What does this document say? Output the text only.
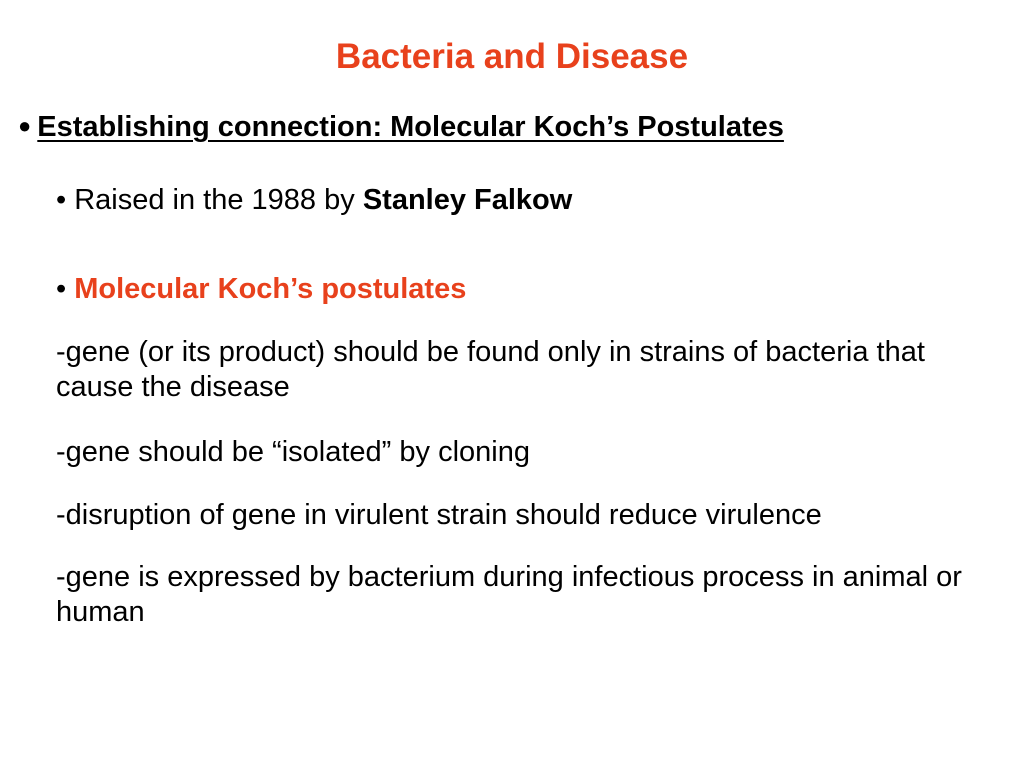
Bacteria and Disease
● Establishing connection: Molecular Koch’s Postulates
• Raised in the 1988 by Stanley Falkow
• Molecular Koch’s postulates
-gene (or its product) should be found only in strains of bacteria that cause the disease
-gene should be “isolated” by cloning
-disruption of gene in virulent strain should reduce virulence
-gene is expressed by bacterium during infectious process in animal or human
